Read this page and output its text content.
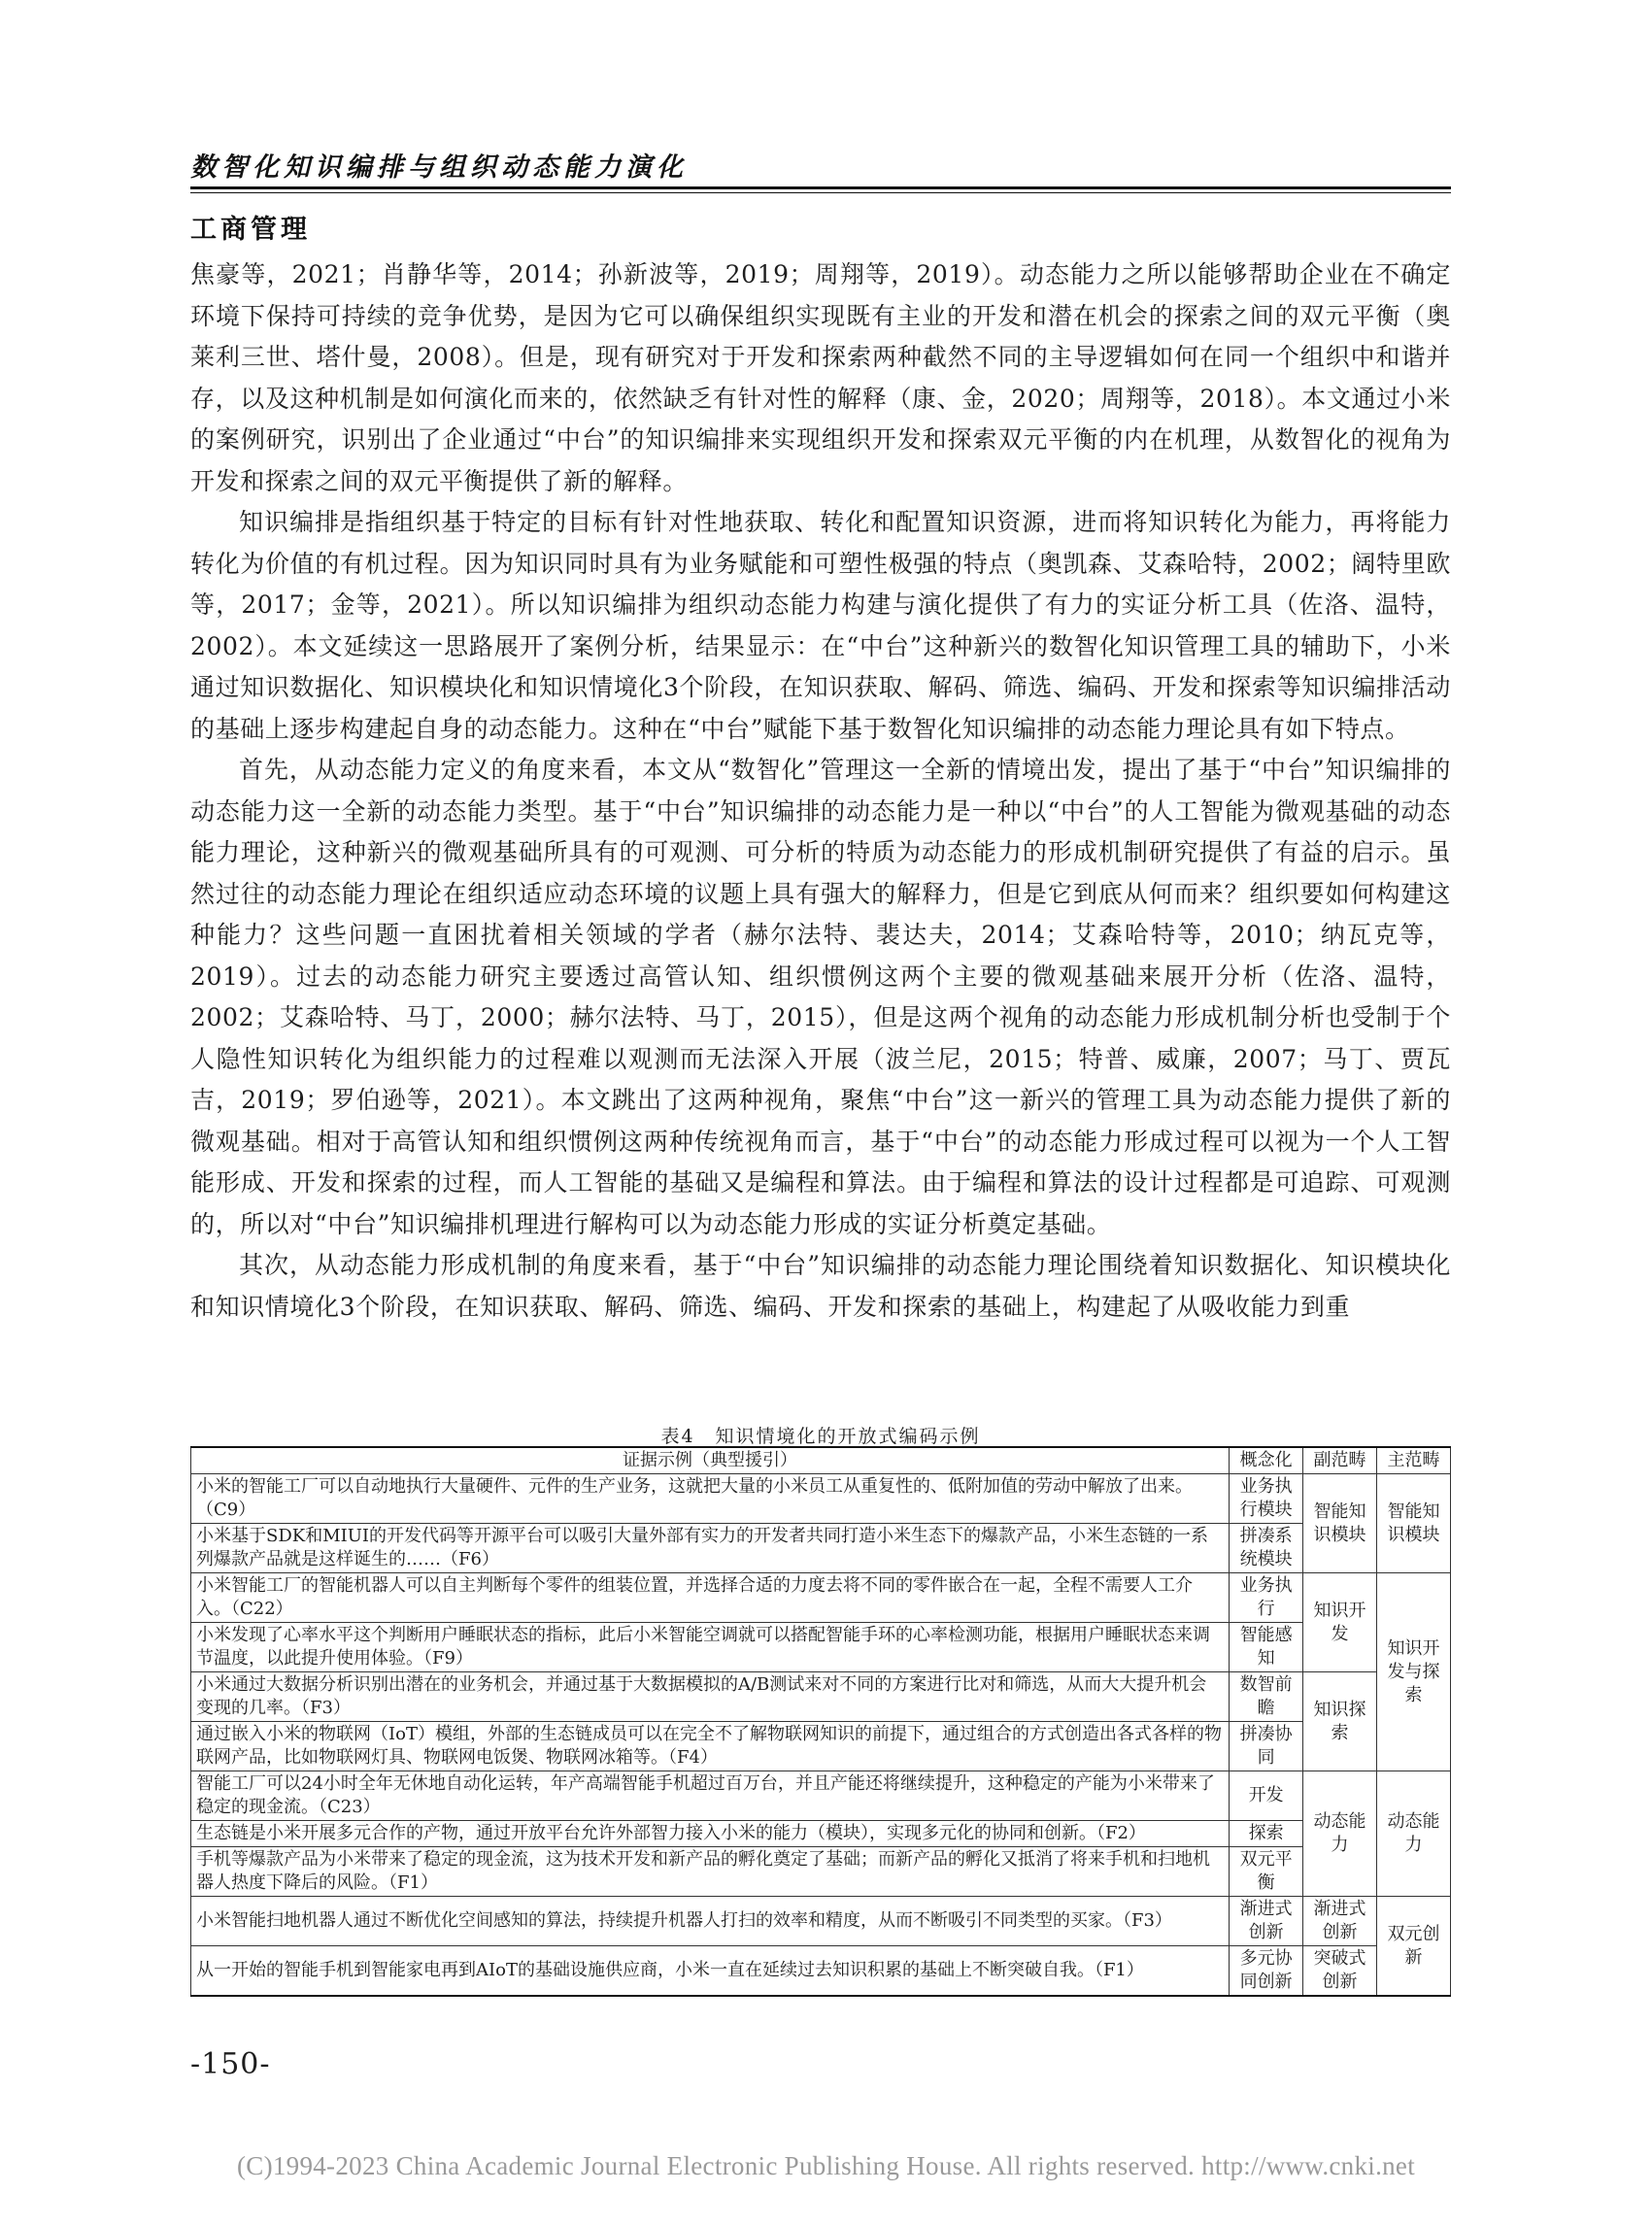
数智化知识编排与组织动态能力演化
工商管理

焦豪等，2021；肖静华等，2014；孙新波等，2019；周翔等，2019）。动态能力之所以能够帮助企业在不确定环境下保持可持续的竞争优势，是因为它可以确保组织实现既有主业的开发和潜在机会的探索之间的双元平衡（奥莱利三世、塔什曼，2008）。但是，现有研究对于开发和探索两种截然不同的主导逻辑如何在同一个组织中和谐并存，以及这种机制是如何演化而来的，依然缺乏有针对性的解释（康、金，2020；周翔等，2018）。本文通过小米的案例研究，识别出了企业通过“中台”的知识编排来实现组织开发和探索双元平衡的内在机理，从数智化的视角为开发和探索之间的双元平衡提供了新的解释。

知识编排是指组织基于特定的目标有针对性地获取、转化和配置知识资源，进而将知识转化为能力，再将能力转化为价值的有机过程。因为知识同时具有为业务赋能和可塑性极强的特点（奥凯森、艾森哈特，2002；阔特里欧等，2017；金等，2021）。所以知识编排为组织动态能力构建与演化提供了有力的实证分析工具（佐洛、温特，2002）。本文延续这一思路展开了案例分析，结果显示：在“中台”这种新兴的数智化知识管理工具的辅助下，小米通过知识数据化、知识模块化和知识情境化3个阶段，在知识获取、解码、筛选、编码、开发和探索等知识编排活动的基础上逐步构建起自身的动态能力。这种在“中台”赋能下基于数智化知识编排的动态能力理论具有如下特点。

首先，从动态能力定义的角度来看，本文从“数智化”管理这一全新的情境出发，提出了基于“中台”知识编排的动态能力这一全新的动态能力类型。基于“中台”知识编排的动态能力是一种以“中台”的人工智能为微观基础的动态能力理论，这种新兴的微观基础所具有的可观测、可分析的特质为动态能力的形成机制研究提供了有益的启示。虽然过往的动态能力理论在组织适应动态环境的议题上具有强大的解释力，但是它到底从何而来？组织要如何构建这种能力？这些问题一直困扰着相关领域的学者（赫尔法特、裴达夫，2014；艾森哈特等，2010；纳瓦克等，2019）。过去的动态能力研究主要透过高管认知、组织惯例这两个主要的微观基础来展开分析（佐洛、温特，2002；艾森哈特、马丁，2000；赫尔法特、马丁，2015），但是这两个视角的动态能力形成机制分析也受制于个人隐性知识转化为组织能力的过程难以观测而无法深入开展（波兰尼，2015；特普、威廉，2007；马丁、贾瓦吉，2019；罗伯逊等，2021）。本文跳出了这两种视角，聚焦“中台”这一新兴的管理工具为动态能力提供了新的微观基础。相对于高管认知和组织惯例这两种传统视角而言，基于“中台”的动态能力形成过程可以视为一个人工智能形成、开发和探索的过程，而人工智能的基础又是编程和算法。由于编程和算法的设计过程都是可追踪、可观测的，所以对“中台”知识编排机理进行解构可以为动态能力形成的实证分析奠定基础。

其次，从动态能力形成机制的角度来看，基于“中台”知识编排的动态能力理论围绕着知识数据化、知识模块化和知识情境化3个阶段，在知识获取、解码、筛选、编码、开发和探索的基础上，构建起了从吸收能力到重

表4　知识情境化的开放式编码示例
证据示例（典型援引）	概念化	副范畴	主范畴
小米的智能工厂可以自动地执行大量硬件、元件的生产业务，这就把大量的小米员工从重复性的、低附加值的劳动中解放了出来。（C9）	业务执行模块	智能知识模块	智能知识模块
小米基于SDK和MIUI的开发代码等开源平台可以吸引大量外部有实力的开发者共同打造小米生态下的爆款产品，小米生态链的一系列爆款产品就是这样诞生的……（F6）	拼凑系统模块		
小米智能工厂的智能机器人可以自主判断每个零件的组装位置，并选择合适的力度去将不同的零件嵌合在一起，全程不需要人工介入。（C22）	业务执行	知识开发	知识开发与探索
小米发现了心率水平这个判断用户睡眠状态的指标，此后小米智能空调就可以搭配智能手环的心率检测功能，根据用户睡眠状态来调节温度，以此提升使用体验。（F9）	智能感知		
小米通过大数据分析识别出潜在的业务机会，并通过基于大数据模拟的A/B测试来对不同的方案进行比对和筛选，从而大大提升机会变现的几率。（F3）	数智前瞻	知识探索	
通过嵌入小米的物联网（IoT）模组，外部的生态链成员可以在完全不了解物联网知识的前提下，通过组合的方式创造出各式各样的物联网产品，比如物联网灯具、物联网电饭煲、物联网冰箱等。（F4）	拼凑协同		
智能工厂可以24小时全年无休地自动化运转，年产高端智能手机超过百万台，并且产能还将继续提升，这种稳定的产能为小米带来了稳定的现金流。（C23）	开发	动态能力	动态能力
生态链是小米开展多元合作的产物，通过开放平台允许外部智力接入小米的能力（模块），实现多元化的协同和创新。（F2）	探索		
手机等爆款产品为小米带来了稳定的现金流，这为技术开发和新产品的孵化奠定了基础；而新产品的孵化又抵消了将来手机和扫地机器人热度下降后的风险。（F1）	双元平衡		
小米智能扫地机器人通过不断优化空间感知的算法，持续提升机器人打扫的效率和精度，从而不断吸引不同类型的买家。（F3）	渐进式创新	渐进式创新	双元创新
从一开始的智能手机到智能家电再到AIoT的基础设施供应商，小米一直在延续过去知识积累的基础上不断突破自我。（F1）	多元协同创新	突破式创新	
-150-
(C)1994-2023 China Academic Journal Electronic Publishing House. All rights reserved. http://www.cnki.net
